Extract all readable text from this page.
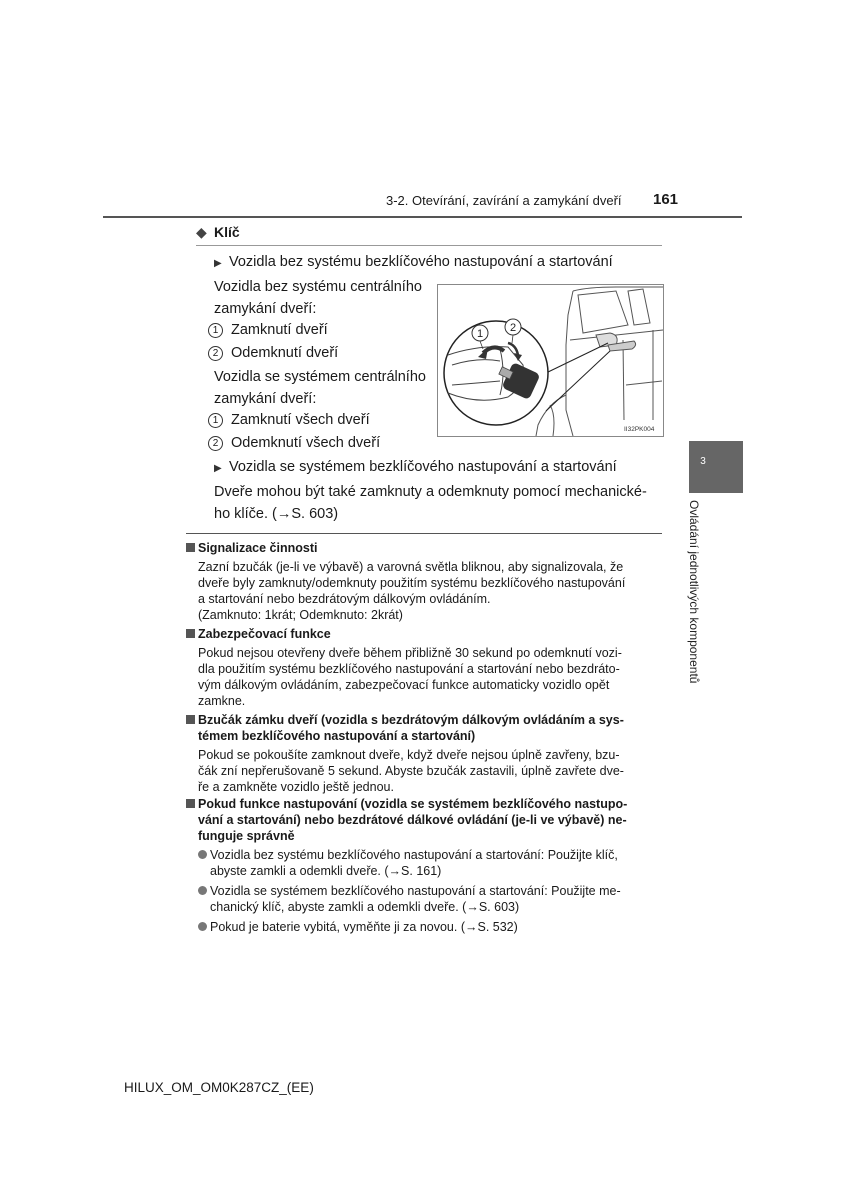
3-2. Otevírání, zavírání a zamykání dveří 161
◆ Klíč
▶ Vozidla bez systému bezklíčového nastupování a startování
Vozidla bez systému centrálního
zamykání dveří:
1 Zamknutí dveří
2 Odemknutí dveří
Vozidla se systémem centrálního
zamykání dveří:
1 Zamknutí všech dveří
2 Odemknutí všech dveří
▶ Vozidla se systémem bezklíčového nastupování a startování
Dveře mohou být také zamknuty a odemknuty pomocí mechanické-
ho klíče. (→S. 603)
1 2
II32PK004
Signalizace činnosti
Zazní bzučák (je-li ve výbavě) a varovná světla bliknou, aby signalizovala, že
dveře byly zamknuty/odemknuty použitím systému bezklíčového nastupování
a startování nebo bezdrátovým dálkovým ovládáním.
(Zamknuto: 1krát; Odemknuto: 2krát)
Zabezpečovací funkce
Pokud nejsou otevřeny dveře během přibližně 30 sekund po odemknutí vozi-
dla použitím systému bezklíčového nastupování a startování nebo bezdráto-
vým dálkovým ovládáním, zabezpečovací funkce automaticky vozidlo opět
zamkne.
Bzučák zámku dveří (vozidla s bezdrátovým dálkovým ovládáním a sys-
témem bezklíčového nastupování a startování)
Pokud se pokoušíte zamknout dveře, když dveře nejsou úplně zavřeny, bzu-
čák zní nepřerušovaně 5 sekund. Abyste bzučák zastavili, úplně zavřete dve-
ře a zamkněte vozidlo ještě jednou.
Pokud funkce nastupování (vozidla se systémem bezklíčového nastupo-
vání a startování) nebo bezdrátové dálkové ovládání (je-li ve výbavě) ne-
funguje správně
Vozidla bez systému bezklíčového nastupování a startování: Použijte klíč,
abyste zamkli a odemkli dveře. (→S. 161)
Vozidla se systémem bezklíčového nastupování a startování: Použijte me-
chanický klíč, abyste zamkli a odemkli dveře. (→S. 603)
Pokud je baterie vybitá, vyměňte ji za novou. (→S. 532)
3
Ovládání jednotlivých komponentů
HILUX_OM_OM0K287CZ_(EE)
